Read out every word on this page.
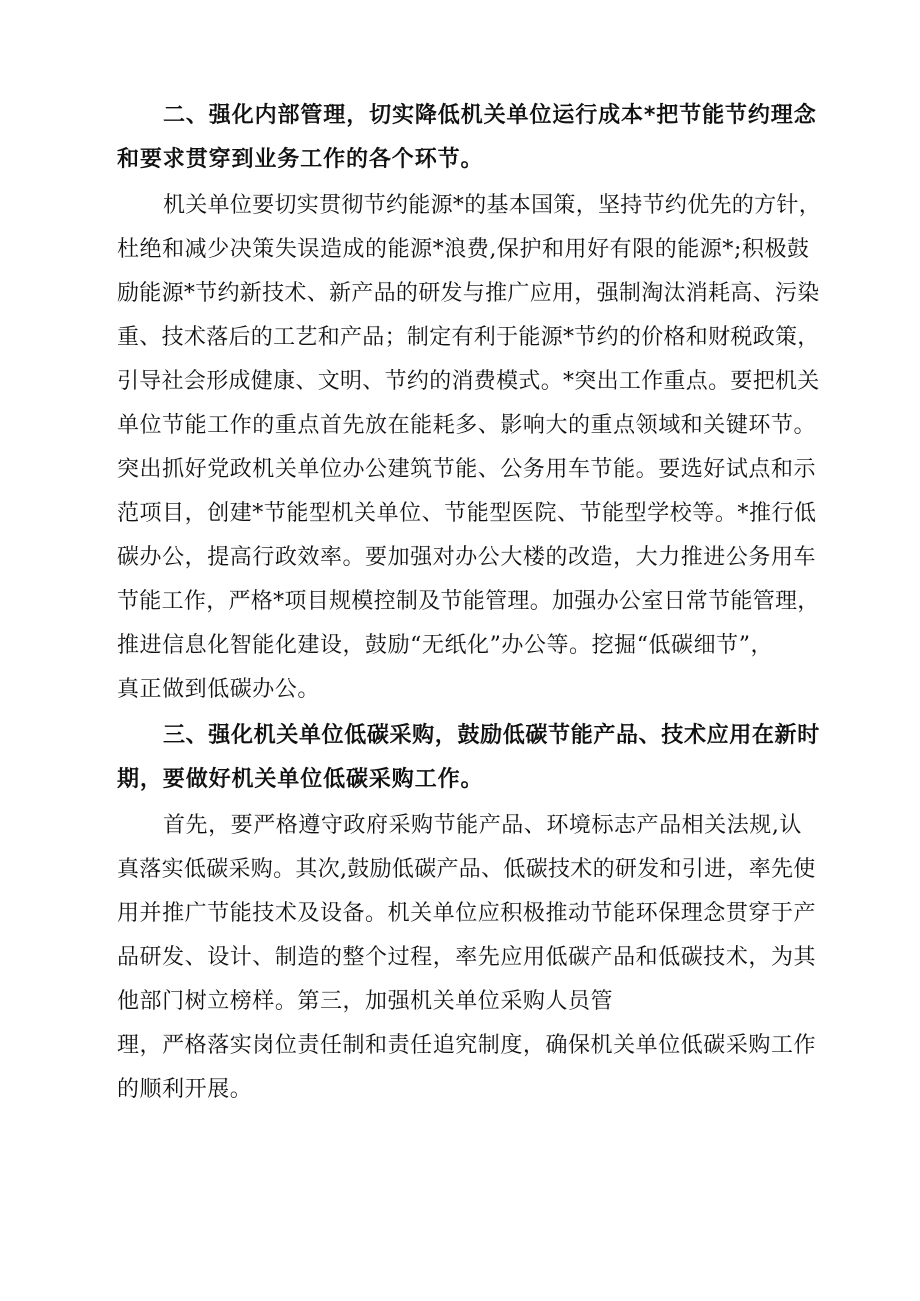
二、强化内部管理，切实降低机关单位运行成本*把节能节约理念
和要求贯穿到业务工作的各个环节。
机关单位要切实贯彻节约能源*的基本国策，坚持节约优先的方针，
杜绝和减少决策失误造成的能源*浪费,保护和用好有限的能源*;积极鼓
励能源*节约新技术、新产品的研发与推广应用，强制淘汰消耗高、污染
重、技术落后的工艺和产品；制定有利于能源*节约的价格和财税政策，
引导社会形成健康、文明、节约的消费模式。*突出工作重点。要把机关
单位节能工作的重点首先放在能耗多、影响大的重点领域和关键环节。
突出抓好党政机关单位办公建筑节能、公务用车节能。要选好试点和示
范项目，创建*节能型机关单位、节能型医院、节能型学校等。*推行低
碳办公，提高行政效率。要加强对办公大楼的改造，大力推进公务用车
节能工作，严格*项目规模控制及节能管理。加强办公室日常节能管理，
推进信息化智能化建设，鼓励“无纸化”办公等。挖掘“低碳细节”，
真正做到低碳办公。
三、强化机关单位低碳采购，鼓励低碳节能产品、技术应用在新时
期，要做好机关单位低碳采购工作。
首先，要严格遵守政府采购节能产品、环境标志产品相关法规,认
真落实低碳采购。其次,鼓励低碳产品、低碳技术的研发和引进，率先使
用并推广节能技术及设备。机关单位应积极推动节能环保理念贯穿于产
品研发、设计、制造的整个过程，率先应用低碳产品和低碳技术，为其
他部门树立榜样。第三，加强机关单位采购人员管
理，严格落实岗位责任制和责任追究制度，确保机关单位低碳采购工作
的顺利开展。
